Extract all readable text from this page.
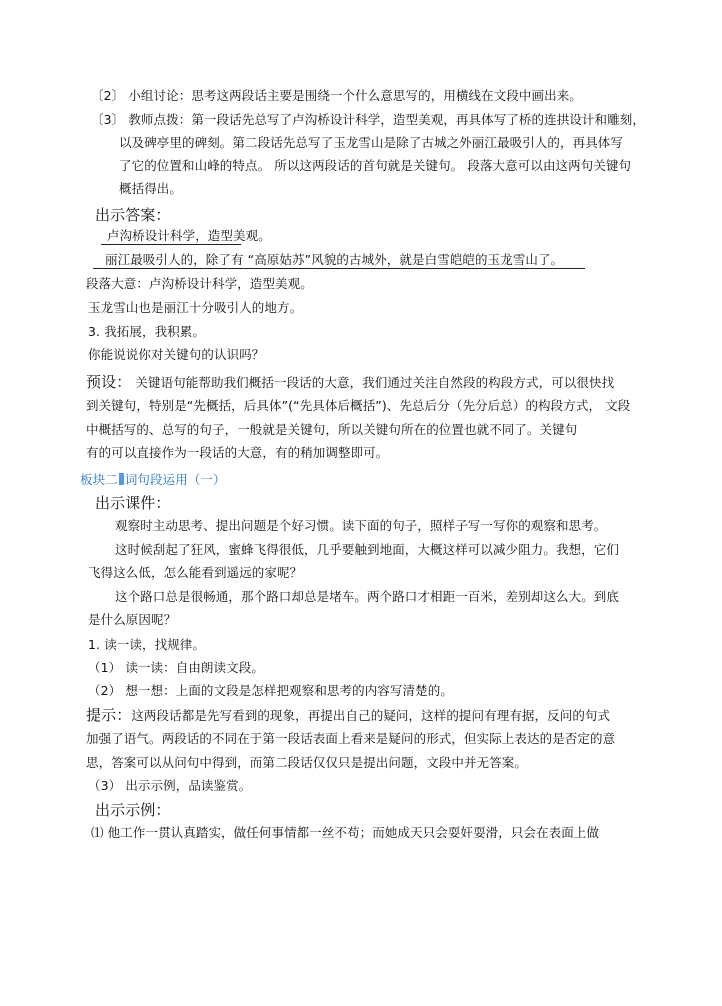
〔2〕 小组讨论：思考这两段话主要是围绕一个什么意思写的，用横线在文段中画出来。
〔3〕 教师点拨：第一段话先总写了卢沟桥设计科学，造型美观，再具体写了桥的连拱设计和雕刻，
以及碑亭里的碑刻。第二段话先总写了玉龙雪山是除了古城之外丽江最吸引人的，再具体写
了它的位置和山峰的特点。 所以这两段话的首句就是关键句。 段落大意可以由这两句关键句
概括得出。
出示答案：
卢沟桥设计科学，造型美观。
丽江最吸引人的，除了有 “高原姑苏”风貌的古城外，就是白雪皑皑的玉龙雪山了。
段落大意：卢沟桥设计科学，造型美观。
玉龙雪山也是丽江十分吸引人的地方。
3. 我拓展，我积累。
你能说说你对关键句的认识吗？
预设： 关键语句能帮助我们概括一段话的大意，我们通过关注自然段的构段方式，可以很快找
到关键句，特别是“先概括，后具体”(“先具体后概括”)、先总后分（先分后总）的构段方式， 文段
中概括写的、总写的句子，一般就是关键句，所以关键句所在的位置也就不同了。关键句
有的可以直接作为一段话的大意，有的稍加调整即可。
板块二 词句段运用（一）
出示课件：
观察时主动思考、提出问题是个好习惯。读下面的句子，照样子写一写你的观察和思考。
这时候刮起了狂风，蜜蜂飞得很低，几乎要触到地面，大概这样可以减少阻力。我想，它们
飞得这么低，怎么能看到遥远的家呢？
这个路口总是很畅通，那个路口却总是堵车。两个路口才相距一百米，差别却这么大。到底
是什么原因呢？
1. 读一读，找规律。
（1） 读一读：自由朗读文段。
（2） 想一想：上面的文段是怎样把观察和思考的内容写清楚的。
提示：这两段话都是先写看到的现象，再提出自己的疑问，这样的提问有理有据，反问的句式
加强了语气。两段话的不同在于第一段话表面上看来是疑问的形式，但实际上表达的是否定的意
思，答案可以从问句中得到，而第二段话仅仅只是提出问题，文段中并无答案。
（3） 出示示例，品读鉴赏。
出示示例：
⑴ 他工作一贯认真踏实，做任何事情都一丝不苟；而她成天只会耍奸耍滑，只会在表面上做
